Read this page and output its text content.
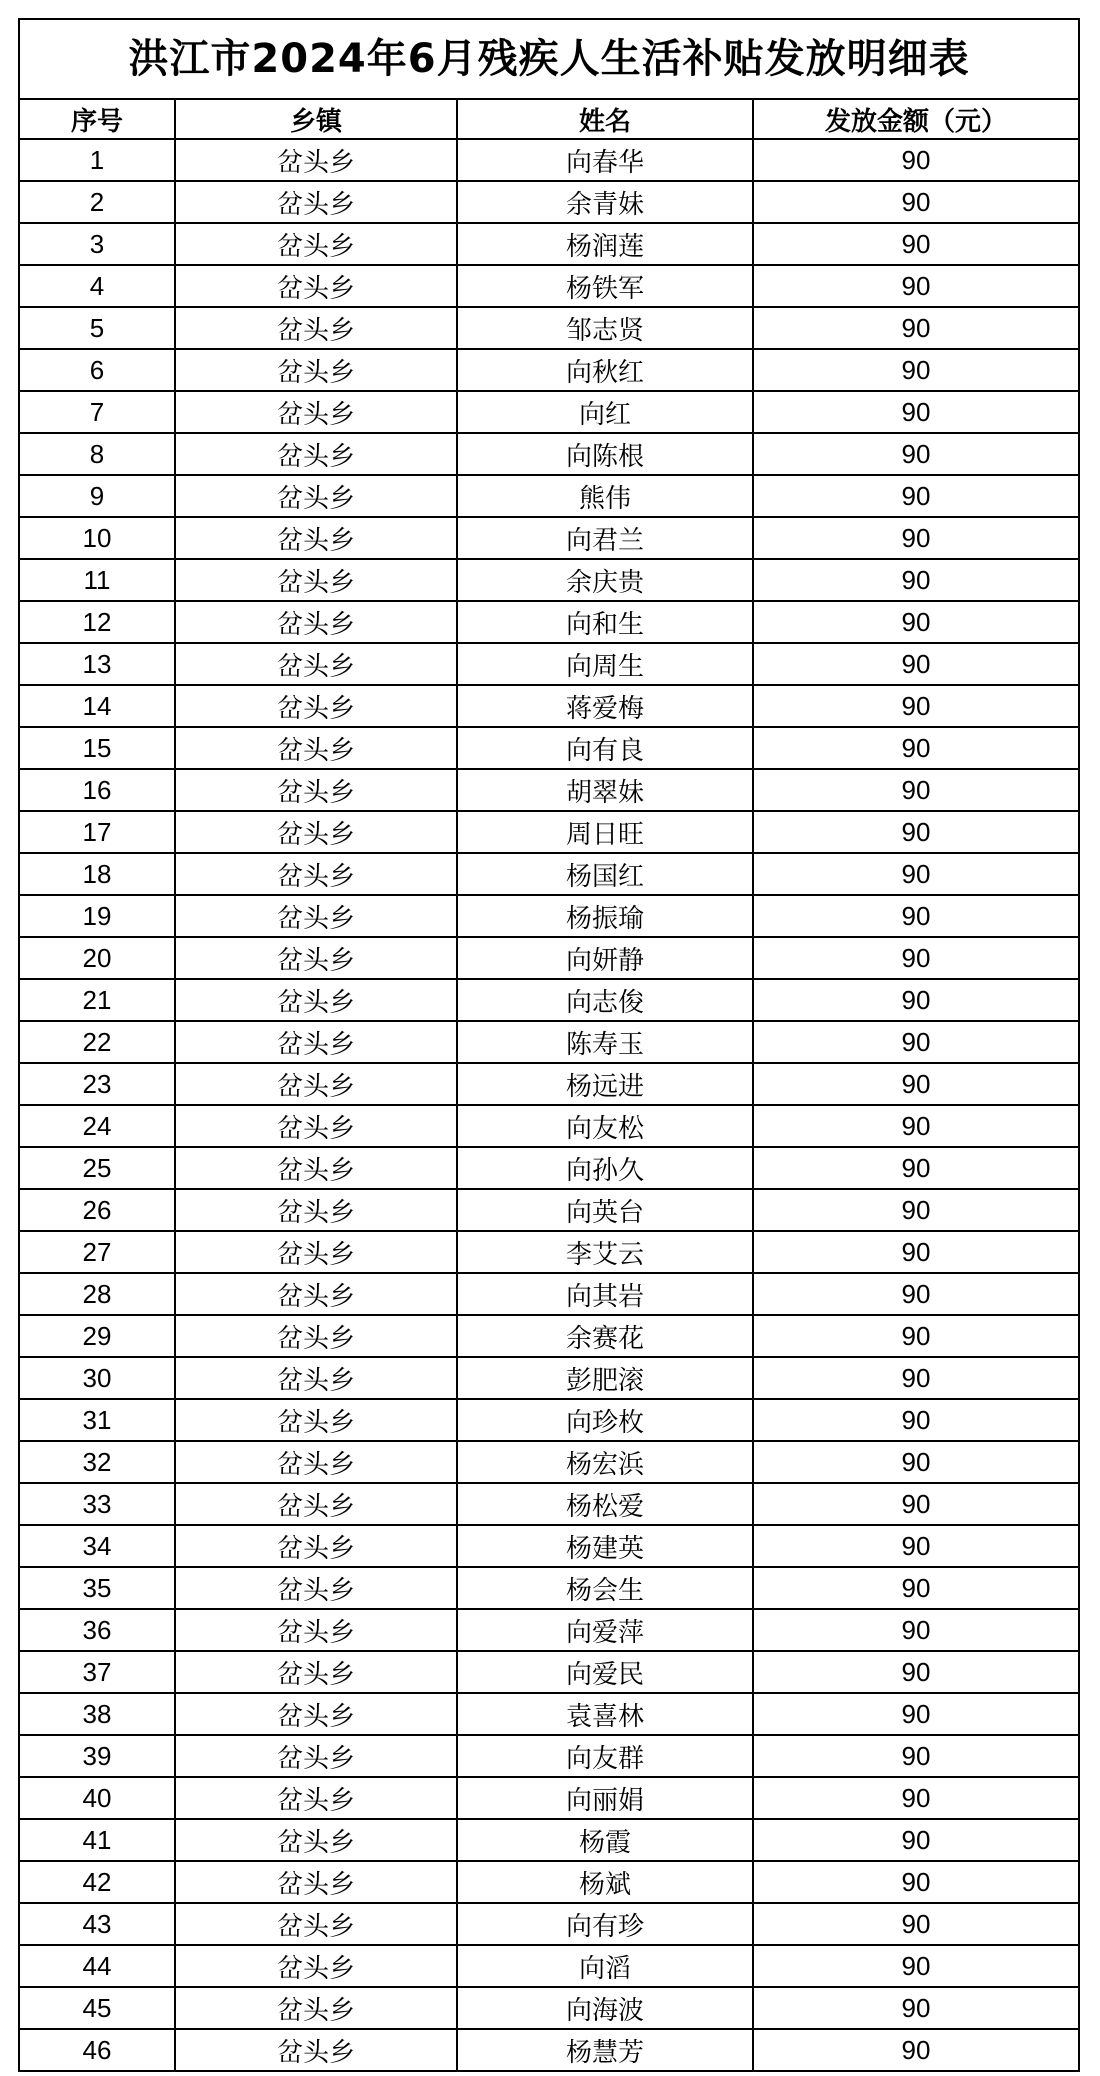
洪江市2024年6月残疾人生活补贴发放明细表
序号	乡镇	姓名	发放金额（元）
1	岔头乡	向春华	90
2	岔头乡	余青妹	90
3	岔头乡	杨润莲	90
4	岔头乡	杨铁军	90
5	岔头乡	邹志贤	90
6	岔头乡	向秋红	90
7	岔头乡	向红	90
8	岔头乡	向陈根	90
9	岔头乡	熊伟	90
10	岔头乡	向君兰	90
11	岔头乡	余庆贵	90
12	岔头乡	向和生	90
13	岔头乡	向周生	90
14	岔头乡	蒋爱梅	90
15	岔头乡	向有良	90
16	岔头乡	胡翠妹	90
17	岔头乡	周日旺	90
18	岔头乡	杨国红	90
19	岔头乡	杨振瑜	90
20	岔头乡	向妍静	90
21	岔头乡	向志俊	90
22	岔头乡	陈寿玉	90
23	岔头乡	杨远进	90
24	岔头乡	向友松	90
25	岔头乡	向孙久	90
26	岔头乡	向英台	90
27	岔头乡	李艾云	90
28	岔头乡	向其岩	90
29	岔头乡	余赛花	90
30	岔头乡	彭肥滚	90
31	岔头乡	向珍枚	90
32	岔头乡	杨宏浜	90
33	岔头乡	杨松爱	90
34	岔头乡	杨建英	90
35	岔头乡	杨会生	90
36	岔头乡	向爱萍	90
37	岔头乡	向爱民	90
38	岔头乡	袁喜林	90
39	岔头乡	向友群	90
40	岔头乡	向丽娟	90
41	岔头乡	杨霞	90
42	岔头乡	杨斌	90
43	岔头乡	向有珍	90
44	岔头乡	向滔	90
45	岔头乡	向海波	90
46	岔头乡	杨慧芳	90
